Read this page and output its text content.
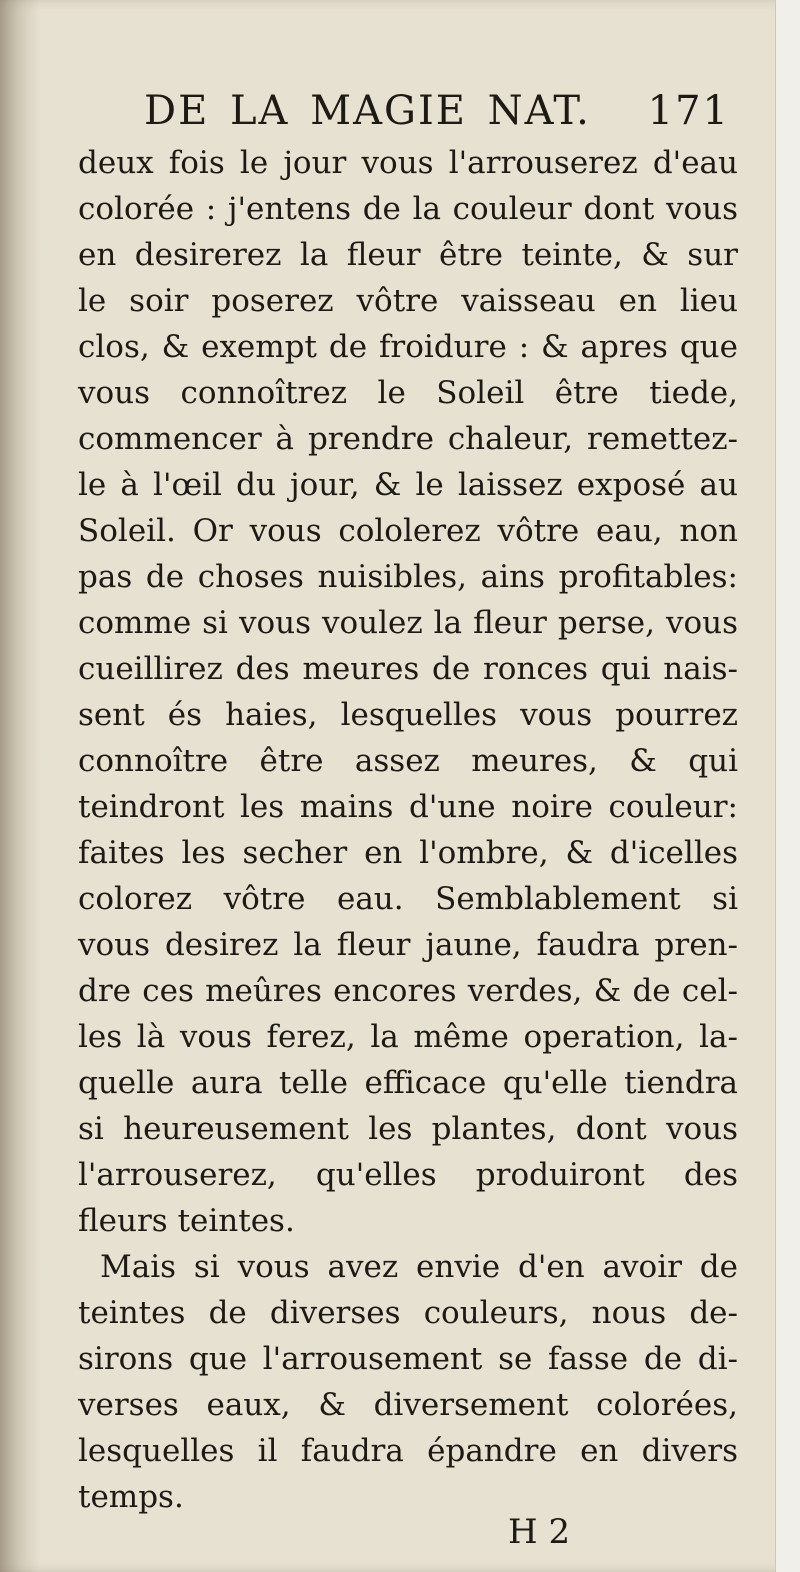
DE LA MAGIE NAT. 171
deux fois le jour vous l'arrouserez d'eau
colorée : j'entens de la couleur dont vous
en desirerez la fleur être teinte, & sur
le soir poserez vôtre vaisseau en lieu
clos, & exempt de froidure : & apres que
vous connoîtrez le Soleil être tiede,
commencer à prendre chaleur, remettez-
le à l'œil du jour, & le laissez exposé au
Soleil. Or vous cololerez vôtre eau, non
pas de choses nuisibles, ains profitables:
comme si vous voulez la fleur perse, vous
cueillirez des meures de ronces qui nais-
sent és haies, lesquelles vous pourrez
connoître être assez meures, & qui
teindront les mains d'une noire couleur:
faites les secher en l'ombre, & d'icelles
colorez vôtre eau. Semblablement si
vous desirez la fleur jaune, faudra pren-
dre ces meûres encores verdes, & de cel-
les là vous ferez, la même operation, la-
quelle aura telle efficace qu'elle tiendra
si heureusement les plantes, dont vous
l'arrouserez, qu'elles produiront des
fleurs teintes.
Mais si vous avez envie d'en avoir de
teintes de diverses couleurs, nous de-
sirons que l'arrousement se fasse de di-
verses eaux, & diversement colorées,
lesquelles il faudra épandre en divers
temps.
H 2
